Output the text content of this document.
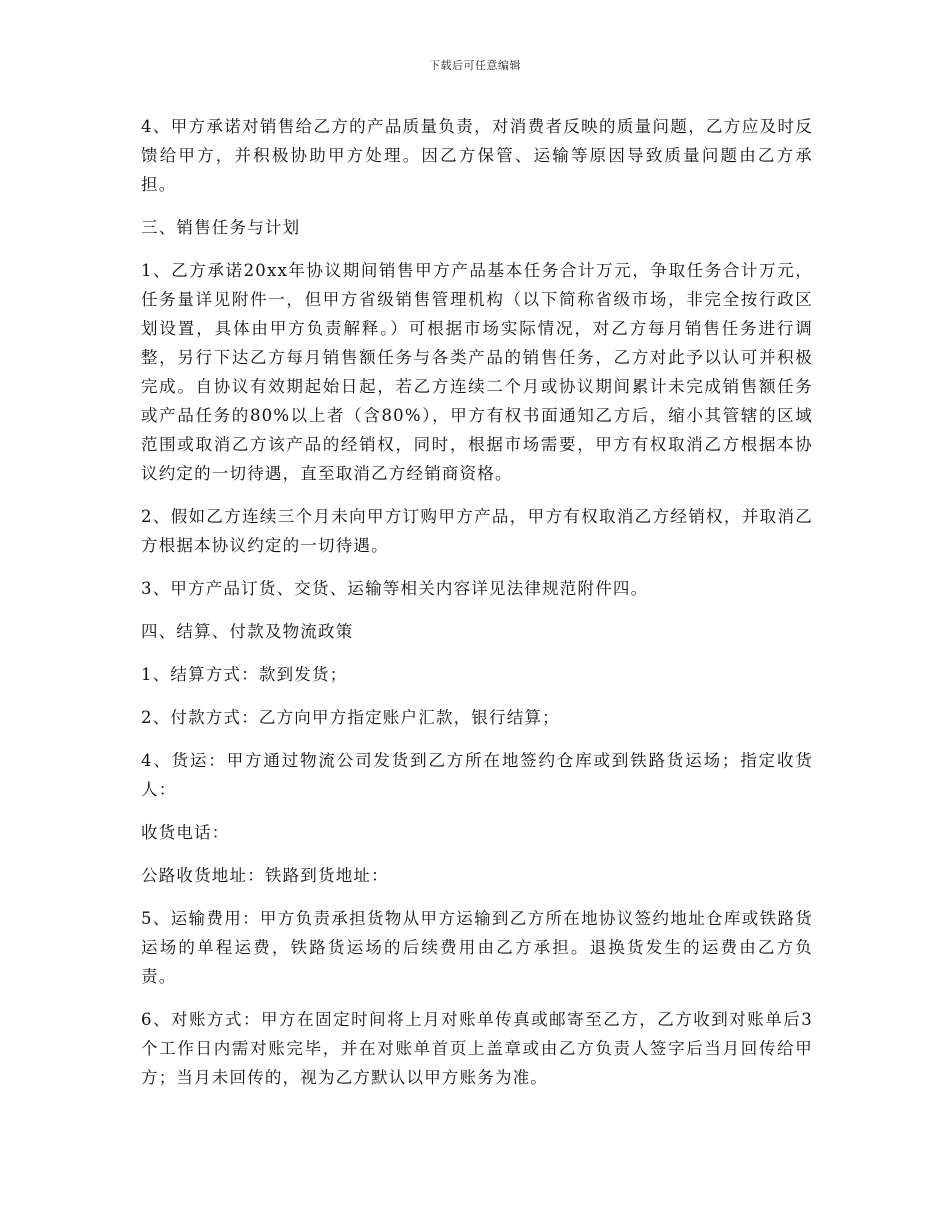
下载后可任意编辑

4、甲方承诺对销售给乙方的产品质量负责，对消费者反映的质量问题，乙方应及时反馈给甲方，并积极协助甲方处理。因乙方保管、运输等原因导致质量问题由乙方承担。

三、销售任务与计划

1、乙方承诺20xx年协议期间销售甲方产品基本任务合计万元，争取任务合计万元，任务量详见附件一，但甲方省级销售管理机构（以下简称省级市场，非完全按行政区划设置，具体由甲方负责解释。）可根据市场实际情况，对乙方每月销售任务进行调整，另行下达乙方每月销售额任务与各类产品的销售任务，乙方对此予以认可并积极完成。自协议有效期起始日起，若乙方连续二个月或协议期间累计未完成销售额任务或产品任务的80%以上者（含80%），甲方有权书面通知乙方后，缩小其管辖的区域范围或取消乙方该产品的经销权，同时，根据市场需要，甲方有权取消乙方根据本协议约定的一切待遇，直至取消乙方经销商资格。

2、假如乙方连续三个月未向甲方订购甲方产品，甲方有权取消乙方经销权，并取消乙方根据本协议约定的一切待遇。

3、甲方产品订货、交货、运输等相关内容详见法律规范附件四。

四、结算、付款及物流政策

1、结算方式：款到发货；

2、付款方式：乙方向甲方指定账户汇款，银行结算；

4、货运：甲方通过物流公司发货到乙方所在地签约仓库或到铁路货运场；指定收货人：

收货电话：

公路收货地址：铁路到货地址：

5、运输费用：甲方负责承担货物从甲方运输到乙方所在地协议签约地址仓库或铁路货运场的单程运费，铁路货运场的后续费用由乙方承担。退换货发生的运费由乙方负责。

6、对账方式：甲方在固定时间将上月对账单传真或邮寄至乙方，乙方收到对账单后3个工作日内需对账完毕，并在对账单首页上盖章或由乙方负责人签字后当月回传给甲方；当月未回传的，视为乙方默认以甲方账务为准。
